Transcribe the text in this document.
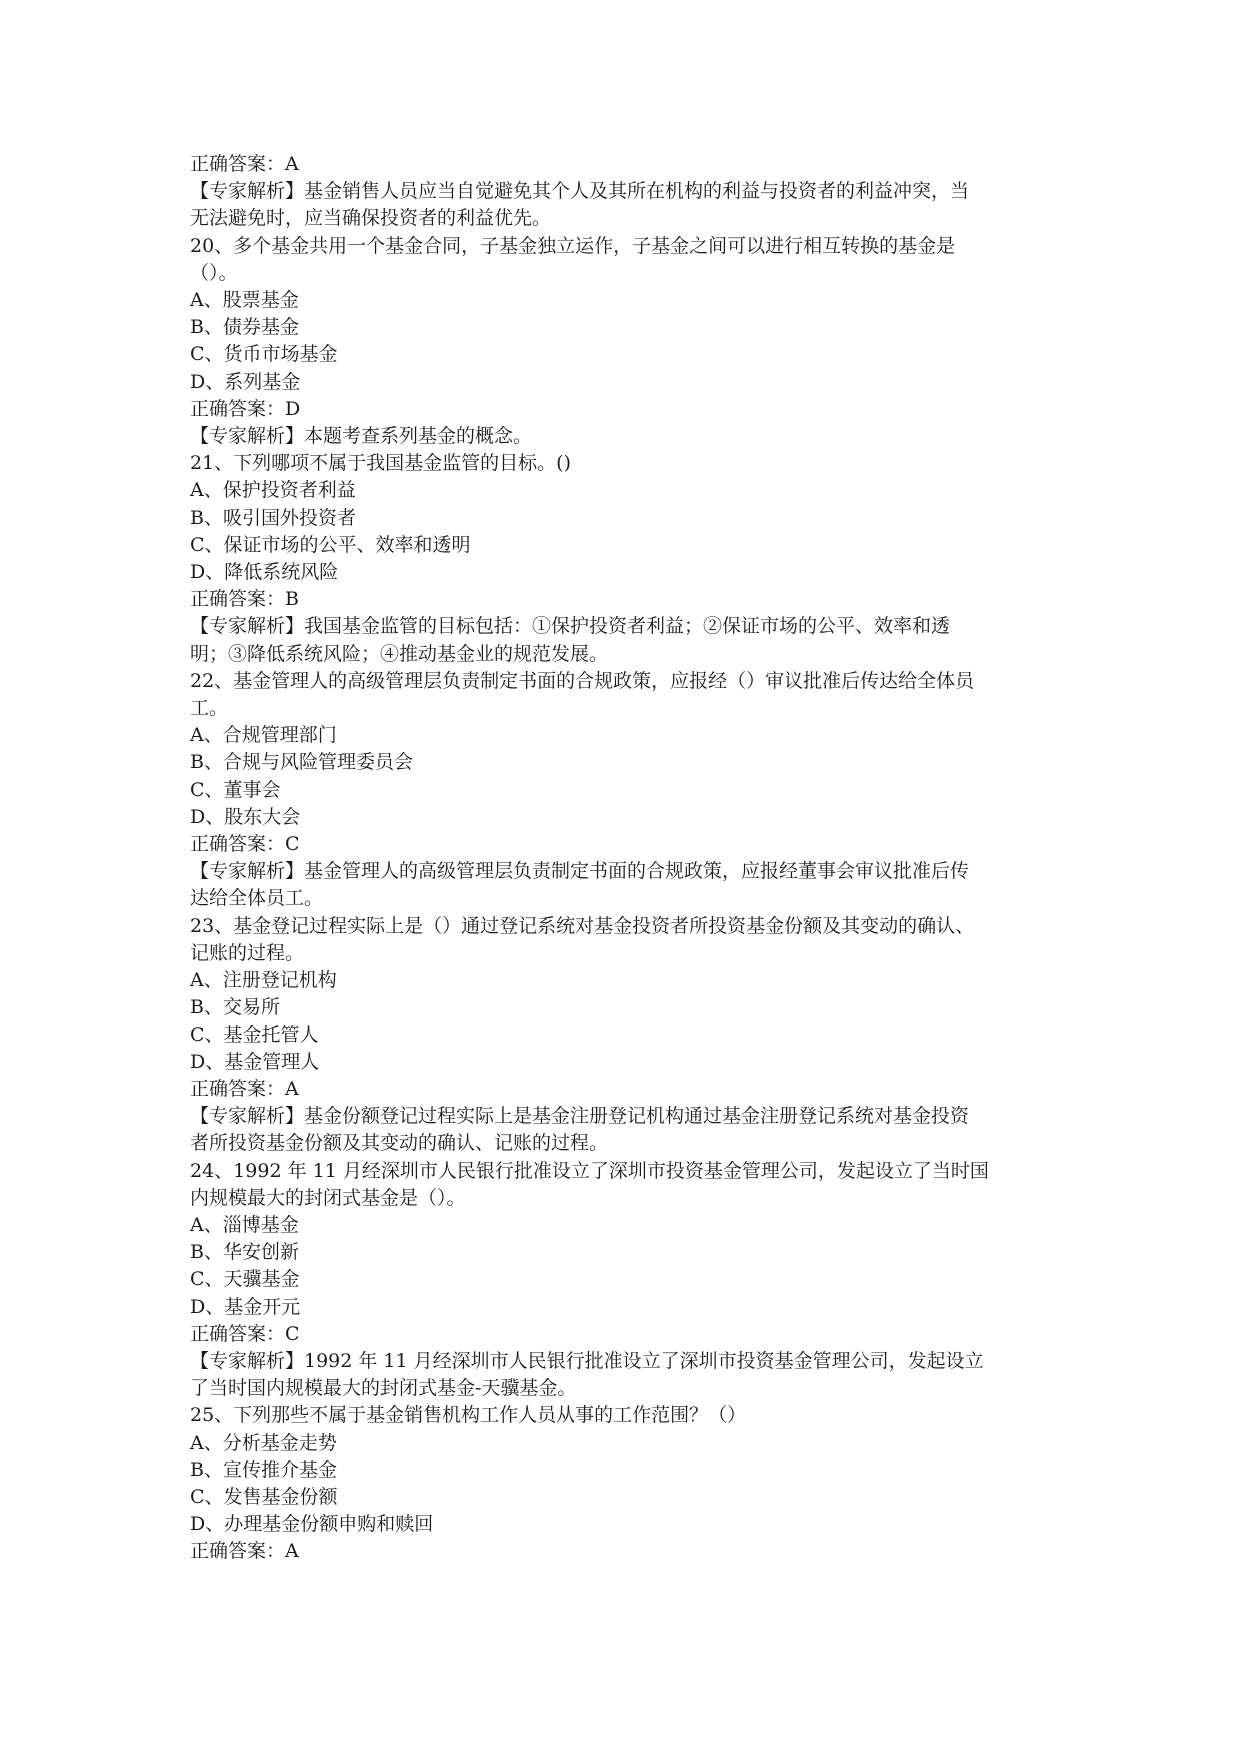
正确答案：A

【专家解析】基金销售人员应当自觉避免其个人及其所在机构的利益与投资者的利益冲突，当

无法避免时，应当确保投资者的利益优先。

20、多个基金共用一个基金合同，子基金独立运作，子基金之间可以进行相互转换的基金是

（）。

A、股票基金

B、债券基金

C、货币市场基金

D、系列基金

正确答案：D

【专家解析】本题考查系列基金的概念。

21、下列哪项不属于我国基金监管的目标。()

A、保护投资者利益

B、吸引国外投资者

C、保证市场的公平、效率和透明

D、降低系统风险

正确答案：B

【专家解析】我国基金监管的目标包括：①保护投资者利益；②保证市场的公平、效率和透

明；③降低系统风险；④推动基金业的规范发展。

22、基金管理人的高级管理层负责制定书面的合规政策，应报经（）审议批准后传达给全体员

工。

A、合规管理部门

B、合规与风险管理委员会

C、董事会

D、股东大会

正确答案：C

【专家解析】基金管理人的高级管理层负责制定书面的合规政策，应报经董事会审议批准后传

达给全体员工。

23、基金登记过程实际上是（）通过登记系统对基金投资者所投资基金份额及其变动的确认、

记账的过程。

A、注册登记机构

B、交易所

C、基金托管人

D、基金管理人

正确答案：A

【专家解析】基金份额登记过程实际上是基金注册登记机构通过基金注册登记系统对基金投资

者所投资基金份额及其变动的确认、记账的过程。

24、1992 年 11 月经深圳市人民银行批准设立了深圳市投资基金管理公司，发起设立了当时国

内规模最大的封闭式基金是（）。

A、淄博基金

B、华安创新

C、天骥基金

D、基金开元

正确答案：C

【专家解析】1992 年 11 月经深圳市人民银行批准设立了深圳市投资基金管理公司，发起设立

了当时国内规模最大的封闭式基金-天骥基金。

25、下列那些不属于基金销售机构工作人员从事的工作范围？（）

A、分析基金走势

B、宣传推介基金

C、发售基金份额

D、办理基金份额申购和赎回

正确答案：A
